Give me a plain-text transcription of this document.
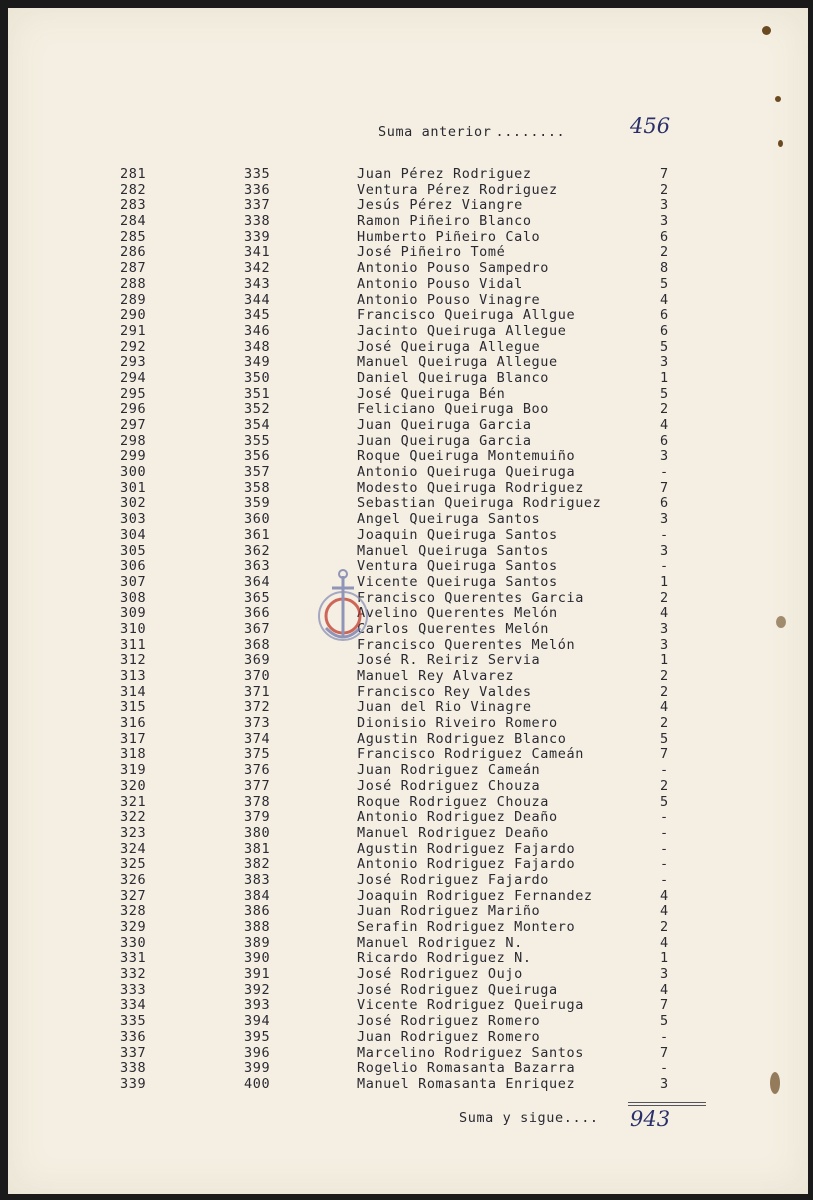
Suma anterior ........	456
281	335	Juan Pérez Rodriguez	7
282	336	Ventura Pérez Rodriguez	2
283	337	Jesús Pérez Viangre	3
284	338	Ramon Piñeiro Blanco	3
285	339	Humberto Piñeiro Calo	6
286	341	José Piñeiro Tomé	2
287	342	Antonio Pouso Sampedro	8
288	343	Antonio Pouso Vidal	5
289	344	Antonio Pouso Vinagre	4
290	345	Francisco Queiruga Allgue	6
291	346	Jacinto Queiruga Allegue	6
292	348	José Queiruga Allegue	5
293	349	Manuel Queiruga Allegue	3
294	350	Daniel Queiruga Blanco	1
295	351	José Queiruga Bén	5
296	352	Feliciano Queiruga Boo	2
297	354	Juan Queiruga Garcia	4
298	355	Juan Queiruga Garcia	6
299	356	Roque Queiruga Montemuiño	3
300	357	Antonio Queiruga Queiruga	-
301	358	Modesto Queiruga Rodriguez	7
302	359	Sebastian Queiruga Rodriguez	6
303	360	Angel Queiruga Santos	3
304	361	Joaquin Queiruga Santos	-
305	362	Manuel Queiruga Santos	3
306	363	Ventura Queiruga Santos	-
307	364	Vicente Queiruga Santos	1
308	365	Francisco Querentes Garcia	2
309	366	Avelino Querentes Melón	4
310	367	Carlos Querentes Melón	3
311	368	Francisco Querentes Melón	3
312	369	José R. Reiriz Servia	1
313	370	Manuel Rey Alvarez	2
314	371	Francisco Rey Valdes	2
315	372	Juan del Rio Vinagre	4
316	373	Dionisio Riveiro Romero	2
317	374	Agustin Rodriguez Blanco	5
318	375	Francisco Rodriguez Cameán	7
319	376	Juan Rodriguez Cameán	-
320	377	José Rodriguez Chouza	2
321	378	Roque Rodriguez Chouza	5
322	379	Antonio Rodriguez Deaño	-
323	380	Manuel Rodriguez Deaño	-
324	381	Agustin Rodriguez Fajardo	-
325	382	Antonio Rodriguez Fajardo	-
326	383	José Rodriguez Fajardo	-
327	384	Joaquin Rodriguez Fernandez	4
328	386	Juan Rodriguez Mariño	4
329	388	Serafin Rodriguez Montero	2
330	389	Manuel Rodriguez N.	4
331	390	Ricardo Rodriguez N.	1
332	391	José Rodriguez Oujo	3
333	392	José Rodriguez Queiruga	4
334	393	Vicente Rodriguez Queiruga	7
335	394	José Rodriguez Romero	5
336	395	Juan Rodriguez Romero	-
337	396	Marcelino Rodriguez Santos	7
338	399	Rogelio Romasanta Bazarra	-
339	400	Manuel Romasanta Enriquez	3
Suma y sigue.... 943
